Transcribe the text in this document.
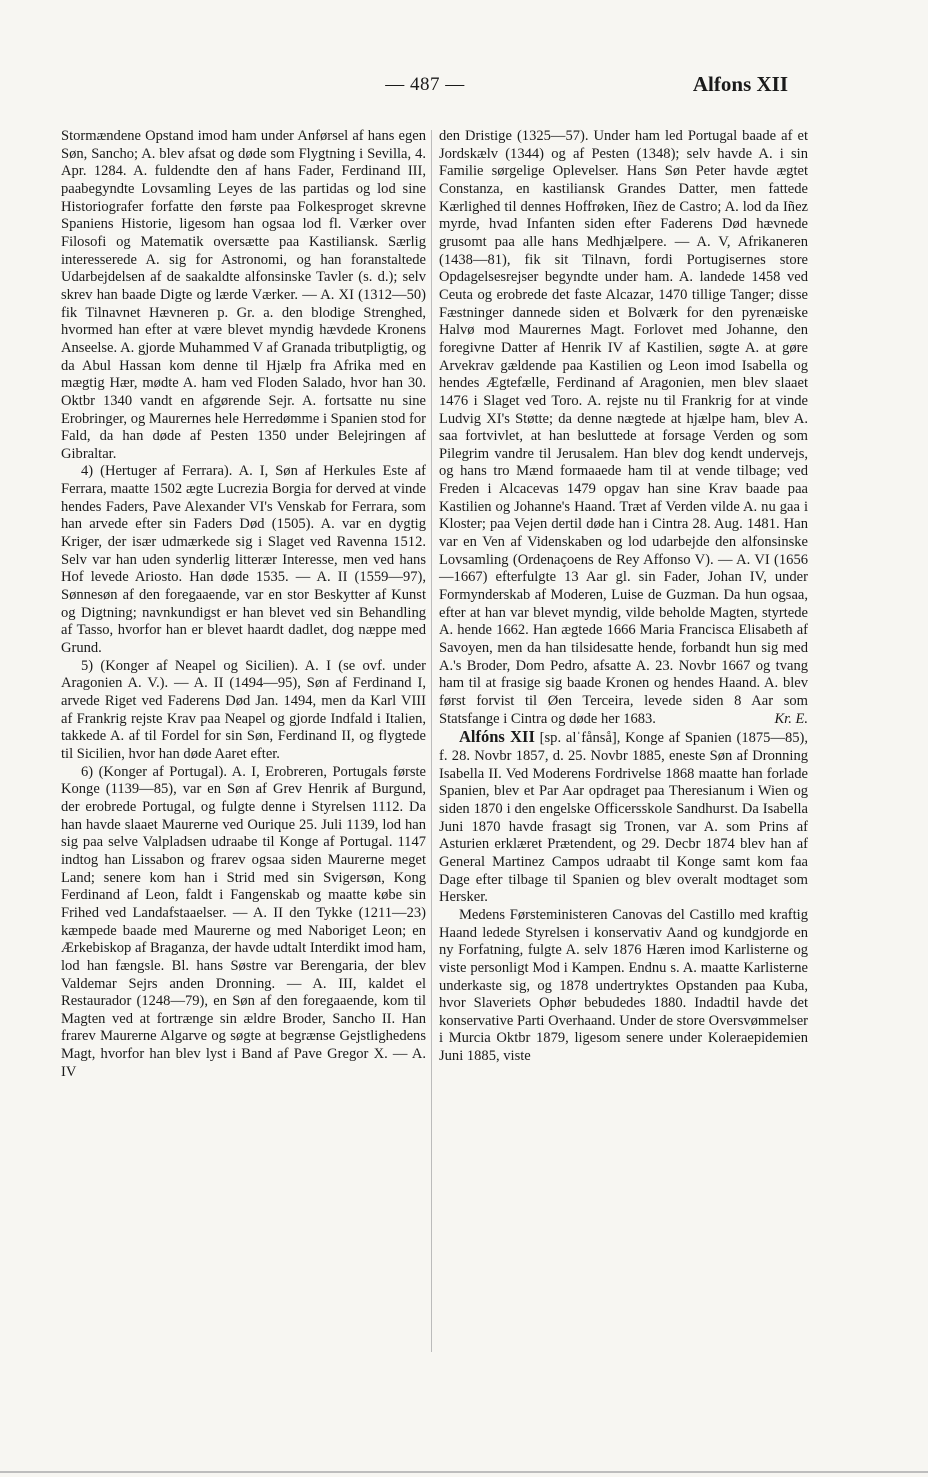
— 487 —	Alfons XII

Stormændene Opstand imod ham under Anførsel af hans egen Søn, Sancho; A. blev afsat og døde som Flygtning i Sevilla, 4. Apr. 1284. A. fuldendte den af hans Fader, Ferdinand III, paabegyndte Lovsamling Leyes de las partidas og lod sine Historiografer forfatte den første paa Folkesproget skrevne Spaniens Historie, ligesom han ogsaa lod fl. Værker over Filosofi og Matematik oversætte paa Kastiliansk. Særlig interesserede A. sig for Astronomi, og han foranstaltede Udarbejdelsen af de saakaldte alfonsinske Tavler (s. d.); selv skrev han baade Digte og lærde Værker. — A. XI (1312—50) fik Tilnavnet Hævneren p. Gr. a. den blodige Strenghed, hvormed han efter at være blevet myndig hævdede Kronens Anseelse. A. gjorde Muhammed V af Granada tributpligtig, og da Abul Hassan kom denne til Hjælp fra Afrika med en mægtig Hær, mødte A. ham ved Floden Salado, hvor han 30. Oktbr 1340 vandt en afgørende Sejr. A. fortsatte nu sine Erobringer, og Maurernes hele Herredømme i Spanien stod for Fald, da han døde af Pesten 1350 under Belejringen af Gibraltar.

4) (Hertuger af Ferrara). A. I, Søn af Herkules Este af Ferrara, maatte 1502 ægte Lucrezia Borgia for derved at vinde hendes Faders, Pave Alexander VI's Venskab for Ferrara, som han arvede efter sin Faders Død (1505). A. var en dygtig Kriger, der især udmærkede sig i Slaget ved Ravenna 1512. Selv var han uden synderlig litterær Interesse, men ved hans Hof levede Ariosto. Han døde 1535. — A. II (1559—97), Sønnesøn af den foregaaende, var en stor Beskytter af Kunst og Digtning; navnkundigst er han blevet ved sin Behandling af Tasso, hvorfor han er blevet haardt dadlet, dog næppe med Grund.

5) (Konger af Neapel og Sicilien). A. I (se ovf. under Aragonien A. V.). — A. II (1494—95), Søn af Ferdinand I, arvede Riget ved Faderens Død Jan. 1494, men da Karl VIII af Frankrig rejste Krav paa Neapel og gjorde Indfald i Italien, takkede A. af til Fordel for sin Søn, Ferdinand II, og flygtede til Sicilien, hvor han døde Aaret efter.

6) (Konger af Portugal). A. I, Erobreren, Portugals første Konge (1139—85), var en Søn af Grev Henrik af Burgund, der erobrede Portugal, og fulgte denne i Styrelsen 1112. Da han havde slaaet Maurerne ved Ourique 25. Juli 1139, lod han sig paa selve Valpladsen udraabe til Konge af Portugal. 1147 indtog han Lissabon og frarev ogsaa siden Maurerne meget Land; senere kom han i Strid med sin Svigersøn, Kong Ferdinand af Leon, faldt i Fangenskab og maatte købe sin Frihed ved Landafstaaelser. — A. II den Tykke (1211—23) kæmpede baade med Maurerne og med Naboriget Leon; en Ærkebiskop af Braganza, der havde udtalt Interdikt imod ham, lod han fængsle. Bl. hans Søstre var Berengaria, der blev Valdemar Sejrs anden Dronning. — A. III, kaldet el Restaurador (1248—79), en Søn af den foregaaende, kom til Magten ved at fortrænge sin ældre Broder, Sancho II. Han frarev Maurerne Algarve og søgte at begrænse Gejstlighedens Magt, hvorfor han blev lyst i Band af Pave Gregor X. — A. IV

den Dristige (1325—57). Under ham led Portugal baade af et Jordskælv (1344) og af Pesten (1348); selv havde A. i sin Familie sørgelige Oplevelser. Hans Søn Peter havde ægtet Constanza, en kastiliansk Grandes Datter, men fattede Kærlighed til dennes Hoffrøken, Iñez de Castro; A. lod da Iñez myrde, hvad Infanten siden efter Faderens Død hævnede grusomt paa alle hans Medhjælpere. — A. V, Afrikaneren (1438—81), fik sit Tilnavn, fordi Portugisernes store Opdagelsesrejser begyndte under ham. A. landede 1458 ved Ceuta og erobrede det faste Alcazar, 1470 tillige Tanger; disse Fæstninger dannede siden et Bolværk for den pyrenæiske Halvø mod Maurernes Magt. Forlovet med Johanne, den foregivne Datter af Henrik IV af Kastilien, søgte A. at gøre Arvekrav gældende paa Kastilien og Leon imod Isabella og hendes Ægtefælle, Ferdinand af Aragonien, men blev slaaet 1476 i Slaget ved Toro. A. rejste nu til Frankrig for at vinde Ludvig XI's Støtte; da denne nægtede at hjælpe ham, blev A. saa fortvivlet, at han besluttede at forsage Verden og som Pilegrim vandre til Jerusalem. Han blev dog kendt undervejs, og hans tro Mænd formaaede ham til at vende tilbage; ved Freden i Alcacevas 1479 opgav han sine Krav baade paa Kastilien og Johanne's Haand. Træt af Verden vilde A. nu gaa i Kloster; paa Vejen dertil døde han i Cintra 28. Aug. 1481. Han var en Ven af Videnskaben og lod udarbejde den alfonsinske Lovsamling (Ordenaçoens de Rey Affonso V). — A. VI (1656—1667) efterfulgte 13 Aar gl. sin Fader, Johan IV, under Formynderskab af Moderen, Luise de Guzman. Da hun ogsaa, efter at han var blevet myndig, vilde beholde Magten, styrtede A. hende 1662. Han ægtede 1666 Maria Francisca Elisabeth af Savoyen, men da han tilsidesatte hende, forbandt hun sig med A.'s Broder, Dom Pedro, afsatte A. 23. Novbr 1667 og tvang ham til at frasige sig baade Kronen og hendes Haand. A. blev først forvist til Øen Terceira, levede siden 8 Aar som Statsfange i Cintra og døde her 1683.	Kr. E.

Alfóns XII [sp. alˈfånså], Konge af Spanien (1875—85), f. 28. Novbr 1857, d. 25. Novbr 1885, eneste Søn af Dronning Isabella II. Ved Moderens Fordrivelse 1868 maatte han forlade Spanien, blev et Par Aar opdraget paa Theresianum i Wien og siden 1870 i den engelske Officersskole Sandhurst. Da Isabella Juni 1870 havde frasagt sig Tronen, var A. som Prins af Asturien erklæret Prætendent, og 29. Decbr 1874 blev han af General Martinez Campos udraabt til Konge samt kom faa Dage efter tilbage til Spanien og blev overalt modtaget som Hersker.

Medens Førsteministeren Canovas del Castillo med kraftig Haand ledede Styrelsen i konservativ Aand og kundgjorde en ny Forfatning, fulgte A. selv 1876 Hæren imod Karlisterne og viste personligt Mod i Kampen. Endnu s. A. maatte Karlisterne underkaste sig, og 1878 undertryktes Opstanden paa Kuba, hvor Slaveriets Ophør bebudedes 1880. Indadtil havde det konservative Parti Overhaand. Under de store Oversvømmelser i Murcia Oktbr 1879, ligesom senere under Koleraepidemien Juni 1885, viste
